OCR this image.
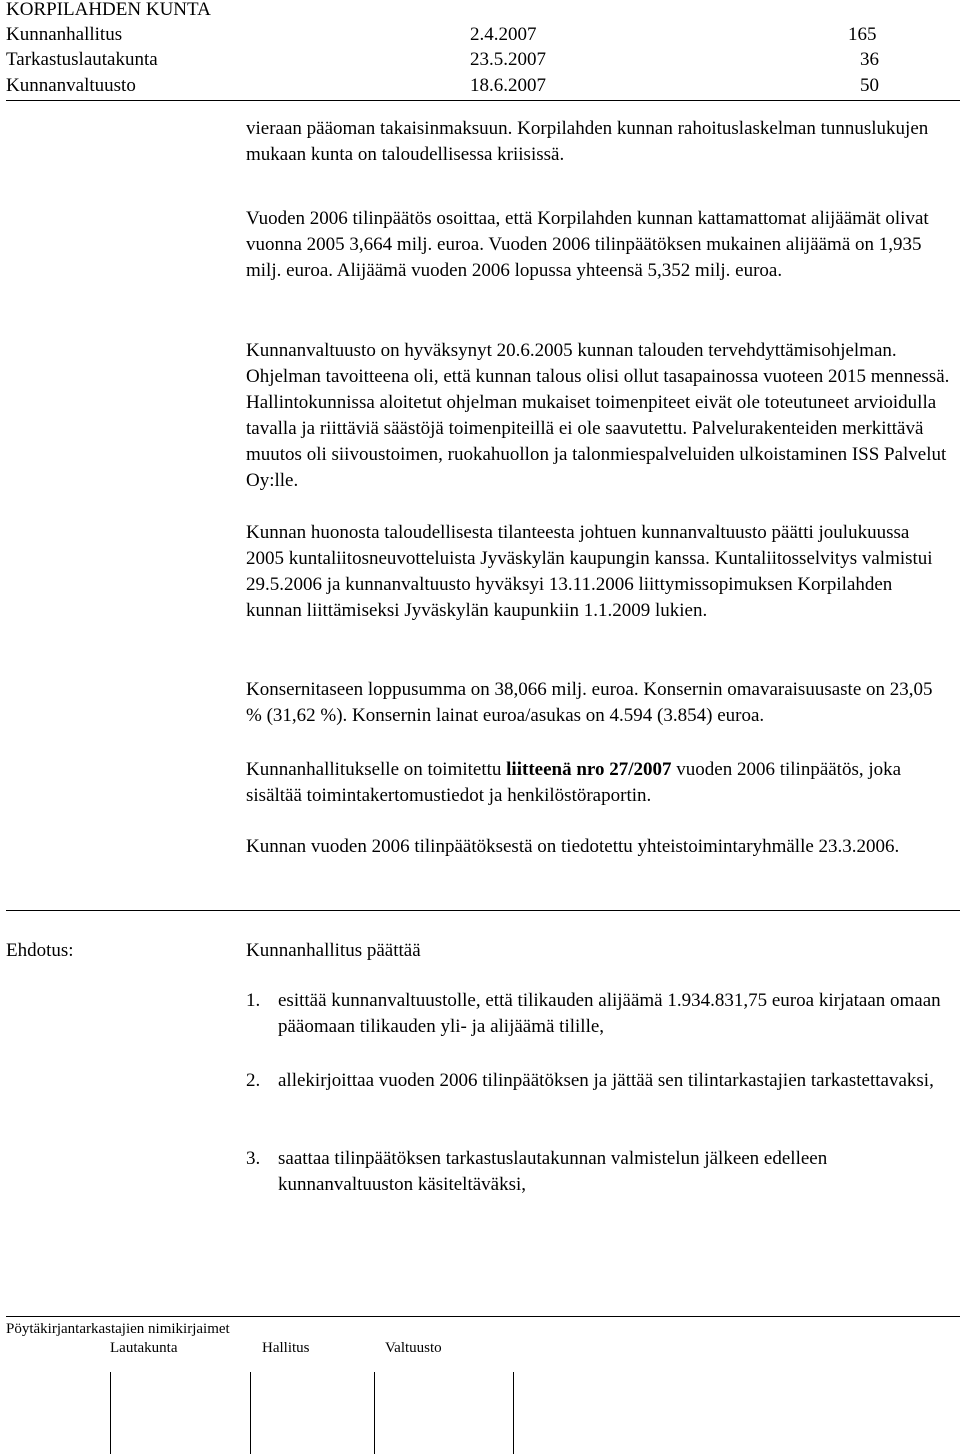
KORPILAHDEN KUNTA
Kunnanhallitus	2.4.2007	165
Tarkastuslautakunta	23.5.2007	36
Kunnanvaltuusto	18.6.2007	50

vieraan pääoman takaisinmaksuun. Korpilahden kunnan rahoituslaskelman tunnuslukujen mukaan kunta on taloudellisessa kriisissä.

Vuoden 2006 tilinpäätös osoittaa, että Korpilahden kunnan kattamattomat alijäämät olivat vuonna 2005 3,664 milj. euroa. Vuoden 2006 tilinpäätöksen mukainen alijäämä on 1,935 milj. euroa. Alijäämä vuoden 2006 lopussa yhteensä 5,352 milj. euroa.

Kunnanvaltuusto on hyväksynyt 20.6.2005 kunnan talouden tervehdyttämisohjelman. Ohjelman tavoitteena oli, että kunnan talous olisi ollut tasapainossa vuoteen 2015 mennessä. Hallintokunnissa aloitetut ohjelman mukaiset toimenpiteet eivät ole toteutuneet arvioidulla tavalla ja riittäviä säästöjä toimenpiteillä ei ole saavutettu. Palvelurakenteiden merkittävä muutos oli siivoustoimen, ruokahuollon ja talonmiespalveluiden ulkoistaminen ISS Palvelut Oy:lle.

Kunnan huonosta taloudellisesta tilanteesta johtuen kunnanvaltuusto päätti joulukuussa 2005 kuntaliitosneuvotteluista Jyväskylän kaupungin kanssa. Kuntaliitosselvitys valmistui 29.5.2006 ja kunnanvaltuusto hyväksyi 13.11.2006 liittymissopimuksen Korpilahden kunnan liittämiseksi Jyväskylän kaupunkiin 1.1.2009 lukien.

Konsernitaseen loppusumma on 38,066 milj. euroa. Konsernin omavaraisuusaste on 23,05 % (31,62 %). Konsernin lainat euroa/asukas on 4.594 (3.854) euroa.

Kunnanhallitukselle on toimitettu liitteenä nro 27/2007 vuoden 2006 tilinpäätös, joka sisältää toimintakertomustiedot ja henkilöstöraportin.

Kunnan vuoden 2006 tilinpäätöksestä on tiedotettu yhteistoimintaryhmälle 23.3.2006.

Ehdotus:	Kunnanhallitus päättää
1. esittää kunnanvaltuustolle, että tilikauden alijäämä 1.934.831,75 euroa kirjataan omaan pääomaan tilikauden yli- ja alijäämä tilille,
2. allekirjoittaa vuoden 2006 tilinpäätöksen ja jättää sen tilintarkastajien tarkastettavaksi,
3. saattaa tilinpäätöksen tarkastuslautakunnan valmistelun jälkeen edelleen kunnanvaltuuston käsiteltäväksi,
Pöytäkirjantarkastajien nimikirjaimet
Lautakunta	Hallitus	Valtuusto
